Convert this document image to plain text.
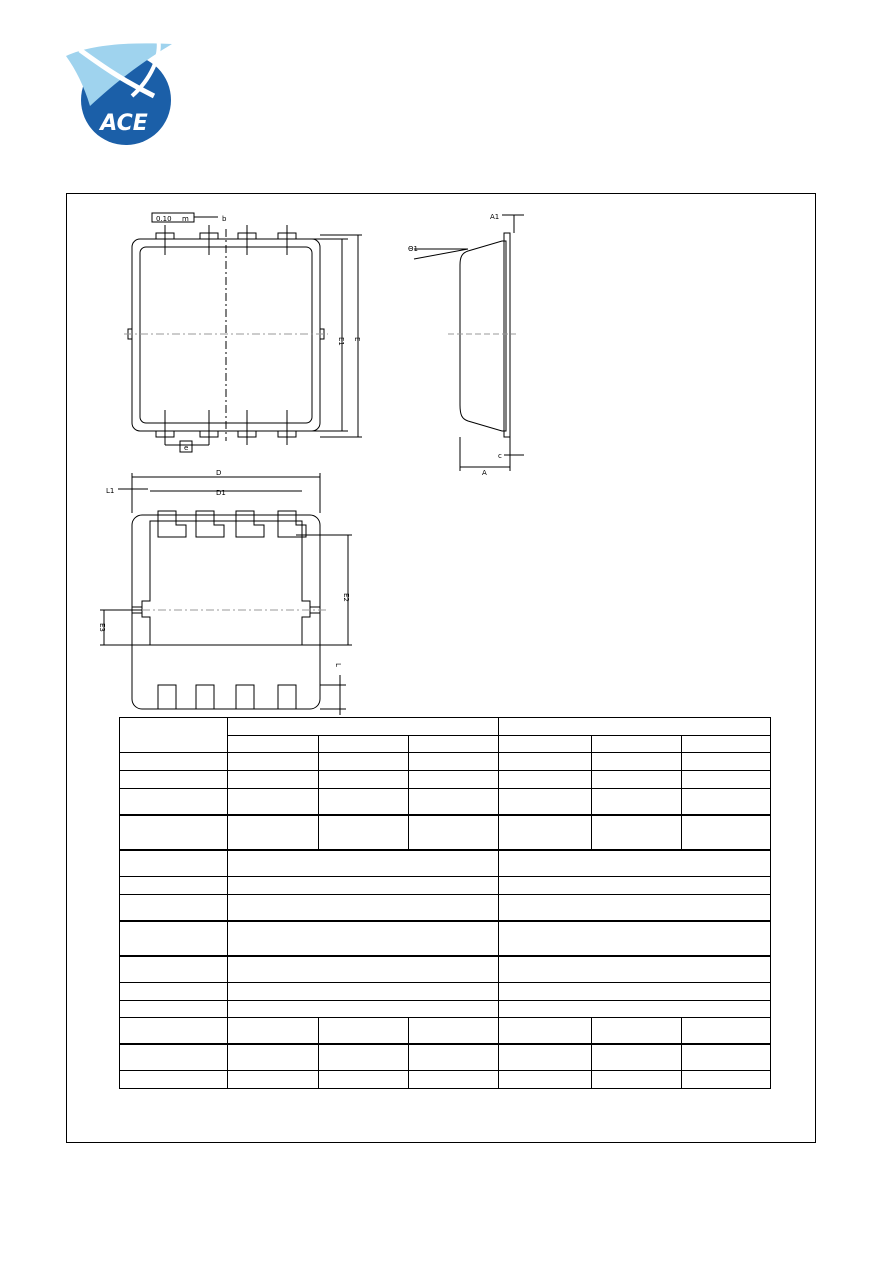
ACE
0.10 m	b
e
E1 E
A1
Θ1
c
A
D
D1
L1
E2
E3
L
